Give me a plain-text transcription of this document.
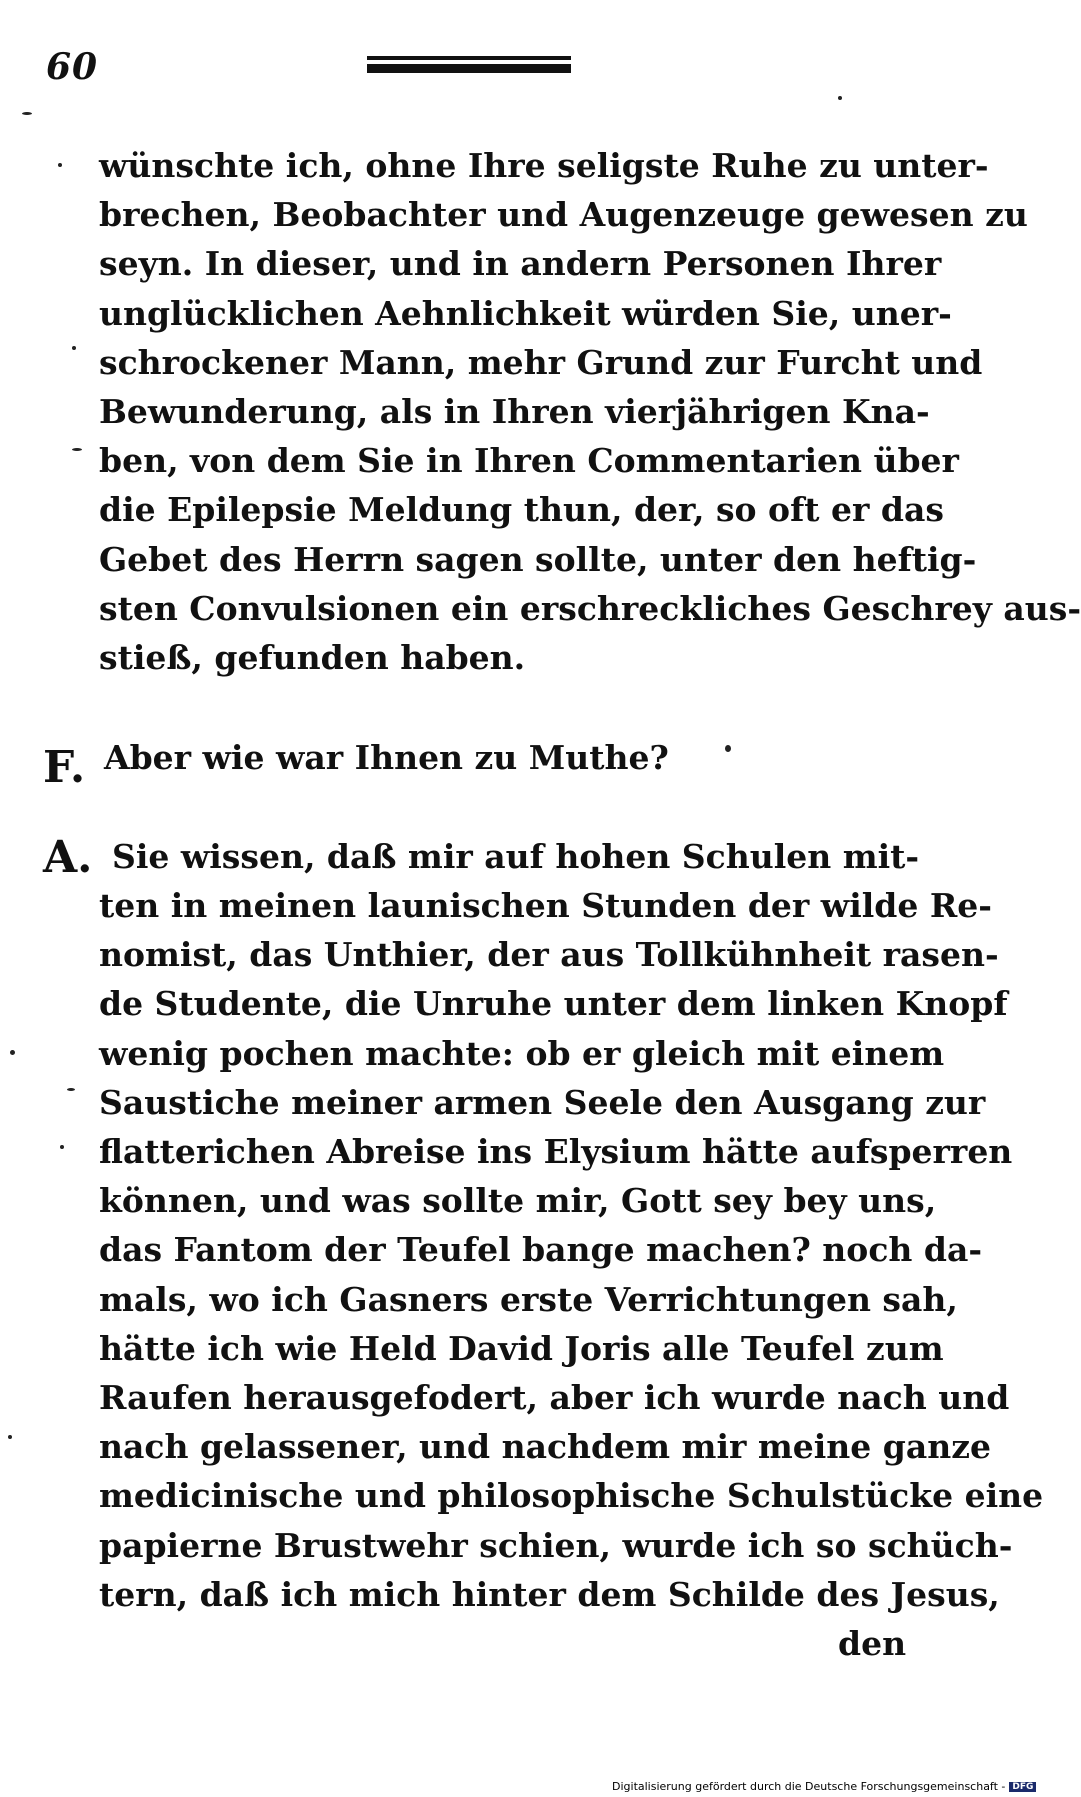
60
wünschte ich, ohne Ihre seligste Ruhe zu unter-
brechen, Beobachter und Augenzeuge gewesen zu
seyn. In dieser, und in andern Personen Ihrer
unglücklichen Aehnlichkeit würden Sie, uner-
schrockener Mann, mehr Grund zur Furcht und
Bewunderung, als in Ihren vierjährigen Kna-
ben, von dem Sie in Ihren Commentarien über
die Epilepsie Meldung thun, der, so oft er das
Gebet des Herrn sagen sollte, unter den heftig-
sten Convulsionen ein erschreckliches Geschrey aus-
stieß, gefunden haben.
F. Aber wie war Ihnen zu Muthe?
A. Sie wissen, daß mir auf hohen Schulen mit-
ten in meinen launischen Stunden der wilde Re-
nomist, das Unthier, der aus Tollkühnheit rasen-
de Studente, die Unruhe unter dem linken Knopf
wenig pochen machte: ob er gleich mit einem
Saustiche meiner armen Seele den Ausgang zur
flatterichen Abreise ins Elysium hätte aufsperren
können, und was sollte mir, Gott sey bey uns,
das Fantom der Teufel bange machen? noch da-
mals, wo ich Gasners erste Verrichtungen sah,
hätte ich wie Held David Joris alle Teufel zum
Raufen herausgefodert, aber ich wurde nach und
nach gelassener, und nachdem mir meine ganze
medicinische und philosophische Schulstücke eine
papierne Brustwehr schien, wurde ich so schüch-
tern, daß ich mich hinter dem Schilde des Jesus,
den
Digitalisierung gefördert durch die Deutsche Forschungsgemeinschaft - DFG
